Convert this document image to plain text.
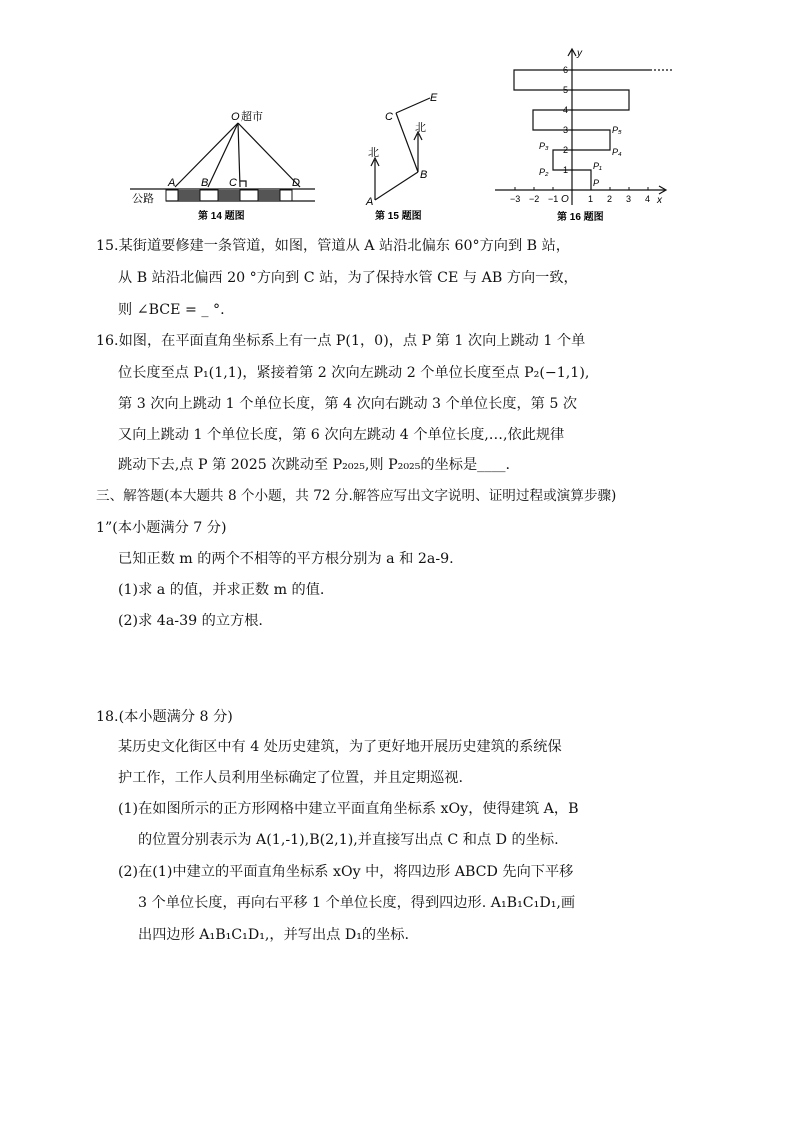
O 超市
A B C	D
公路
第 14 题图
北
北
A
B
C
E
第 15 题图
y
x
O
−3 −2 −1	1 2 3 4
1
2
3
4
5
6
P
P₁
P₂
P₃
P₄
P₅
第 16 题图
15.某街道要修建一条管道，如图，管道从 A 站沿北偏东 60°方向到 B 站，
从 B 站沿北偏西 20 °方向到 C 站，为了保持水管 CE 与 AB 方向一致，
则 ∠BCE = _ °.
16.如图，在平面直角坐标系上有一点 P(1，0)，点 P 第 1 次向上跳动 1 个单
位长度至点 P₁(1,1)，紧接着第 2 次向左跳动 2 个单位长度至点 P₂(−1,1),
第 3 次向上跳动 1 个单位长度，第 4 次向右跳动 3 个单位长度，第 5 次
又向上跳动 1 个单位长度，第 6 次向左跳动 4 个单位长度,…,依此规律
跳动下去,点 P 第 2025 次跳动至 P₂₀₂₅,则 P₂₀₂₅的坐标是____.
三、解答题(本大题共 8 个小题，共 72 分.解答应写出文字说明、证明过程或演算步骤)
1”(本小题满分 7 分)
已知正数 m 的两个不相等的平方根分别为 a 和 2a-9.
(1)求 a 的值，并求正数 m 的值.
(2)求 4a-39 的立方根.
18.(本小题满分 8 分)
某历史文化街区中有 4 处历史建筑，为了更好地开展历史建筑的系统保
护工作，工作人员利用坐标确定了位置，并且定期巡视.
(1)在如图所示的正方形网格中建立平面直角坐标系 xOy，使得建筑 A，B
的位置分别表示为 A(1,-1),B(2,1),并直接写出点 C 和点 D 的坐标.
(2)在(1)中建立的平面直角坐标系 xOy 中，将四边形 ABCD 先向下平移
3 个单位长度，再向右平移 1 个单位长度，得到四边形. A₁B₁C₁D₁,画
出四边形 A₁B₁C₁D₁,，并写出点 D₁的坐标.
